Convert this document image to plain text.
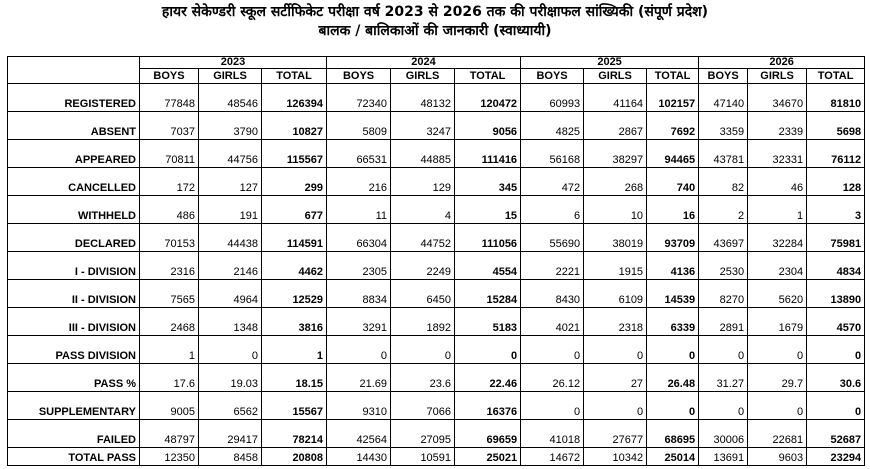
हायर सेकेण्डरी स्कूल सर्टीफिकेट परीक्षा वर्ष 2023 से 2026 तक की परीक्षाफल सांख्यिकी (संपूर्ण प्रदेश)
बालक / बालिकाओं की जानकारी (स्वाध्यायी)
	2023			2024			2025			2026		
	BOYS	GIRLS	TOTAL	BOYS	GIRLS	TOTAL	BOYS	GIRLS	TOTAL	BOYS	GIRLS	TOTAL
REGISTERED	77848	48546	126394	72340	48132	120472	60993	41164	102157	47140	34670	81810
ABSENT	7037	3790	10827	5809	3247	9056	4825	2867	7692	3359	2339	5698
APPEARED	70811	44756	115567	66531	44885	111416	56168	38297	94465	43781	32331	76112
CANCELLED	172	127	299	216	129	345	472	268	740	82	46	128
WITHHELD	486	191	677	11	4	15	6	10	16	2	1	3
DECLARED	70153	44438	114591	66304	44752	111056	55690	38019	93709	43697	32284	75981
I - DIVISION	2316	2146	4462	2305	2249	4554	2221	1915	4136	2530	2304	4834
II - DIVISION	7565	4964	12529	8834	6450	15284	8430	6109	14539	8270	5620	13890
III - DIVISION	2468	1348	3816	3291	1892	5183	4021	2318	6339	2891	1679	4570
PASS DIVISION	1	0	1	0	0	0	0	0	0	0	0	0
PASS %	17.6	19.03	18.15	21.69	23.6	22.46	26.12	27	26.48	31.27	29.7	30.6
SUPPLEMENTARY	9005	6562	15567	9310	7066	16376	0	0	0	0	0	0
FAILED	48797	29417	78214	42564	27095	69659	41018	27677	68695	30006	22681	52687
TOTAL PASS	12350	8458	20808	14430	10591	25021	14672	10342	25014	13691	9603	23294
